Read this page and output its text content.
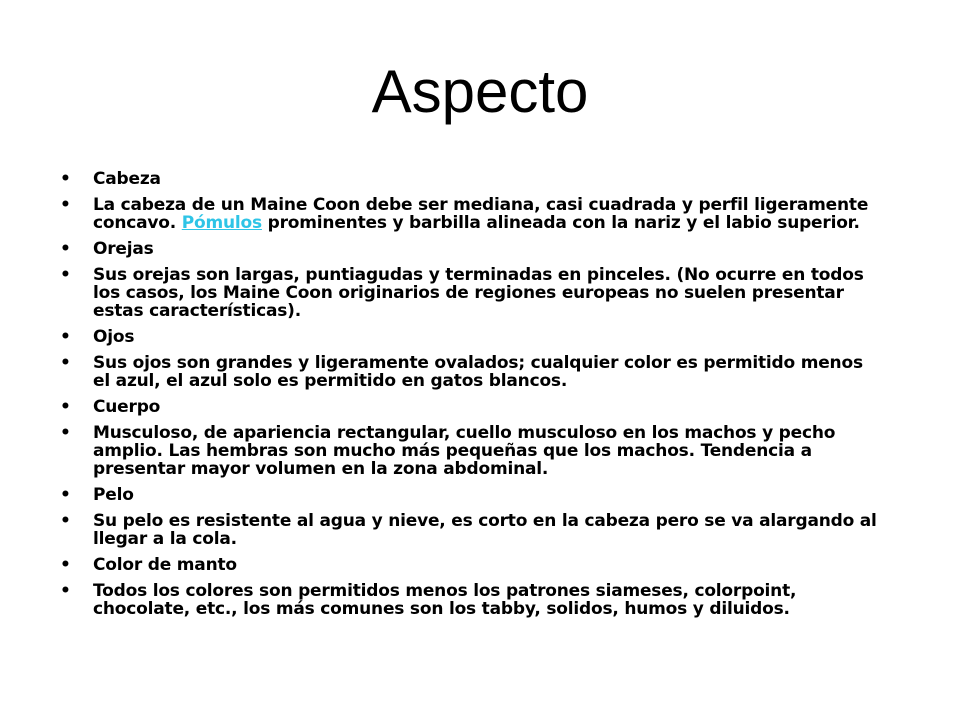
Aspecto
• Cabeza
• La cabeza de un Maine Coon debe ser mediana, casi cuadrada y perfil ligeramente concavo. Pómulos prominentes y barbilla alineada con la nariz y el labio superior.
• Orejas
• Sus orejas son largas, puntiagudas y terminadas en pinceles. (No ocurre en todos los casos, los Maine Coon originarios de regiones europeas no suelen presentar estas características).
• Ojos
• Sus ojos son grandes y ligeramente ovalados; cualquier color es permitido menos el azul, el azul solo es permitido en gatos blancos.
• Cuerpo
• Musculoso, de apariencia rectangular, cuello musculoso en los machos y pecho amplio. Las hembras son mucho más pequeñas que los machos. Tendencia a presentar mayor volumen en la zona abdominal.
• Pelo
• Su pelo es resistente al agua y nieve, es corto en la cabeza pero se va alargando al llegar a la cola.
• Color de manto
• Todos los colores son permitidos menos los patrones siameses, colorpoint, chocolate, etc., los más comunes son los tabby, solidos, humos y diluidos.
